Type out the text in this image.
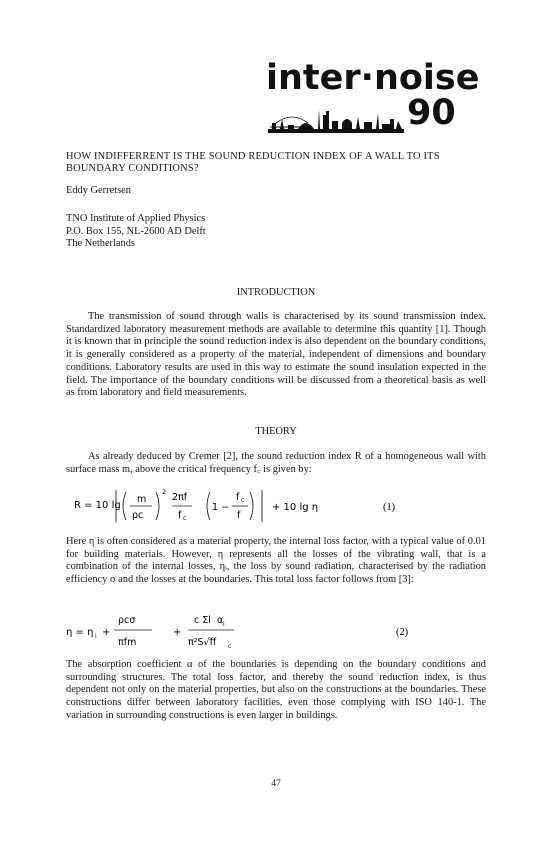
inter·noise
90
HOW INDIFFERRENT IS THE SOUND REDUCTION INDEX OF A WALL TO ITS BOUNDARY CONDITIONS?
Eddy Gerretsen
TNO Institute of Applied Physics
P.O. Box 155, NL-2600 AD Delft
The Netherlands
INTRODUCTION
The transmission of sound through walls is characterised by its sound transmission index. Standardized laboratory measurement methods are available to determine this quantity [1]. Though it is known that in principle the sound reduction index is also dependent on the boundary conditions, it is generally considered as a property of the material, independent of dimensions and boundary conditions. Laboratory results are used in this way to estimate the sound insulation expected in the field. The importance of the boundary conditions will be discussed from a theoretical basis as well as from laboratory and field measurements.
THEORY
As already deduced by Cremer [2], the sound reduction index R of a homogeneous wall with surface mass m, above the critical frequency f꜀ is given by:
R = 10 lg
m
ρc
2 2πf
f c
1 −
f c
f
+ 10 lg η	(1)
Here η is often considered as a material property, the internal loss factor, with a typical value of 0.01 for building materials. However, η represents all the losses of the vibrating wall, that is a combination of the internal losses, ηᵢ, the loss by sound radiation, characterised by the radiation efficiency σ and the losses at the boundaries. This total loss factor follows from [3]:
η = η i +
ρcσ
πfm
+
c Σl α i
π²S√ff c
(2)
The absorption coefficient α of the boundaries is depending on the boundary conditions and surrounding structures. The total loss factor, and thereby the sound reduction index, is thus dependent not only on the material properties, but also on the constructions at the boundaries. These constructions differ between laboratory facilities, even those complying with ISO 140-1. The variation in surrounding constructions is even larger in buildings.
47
